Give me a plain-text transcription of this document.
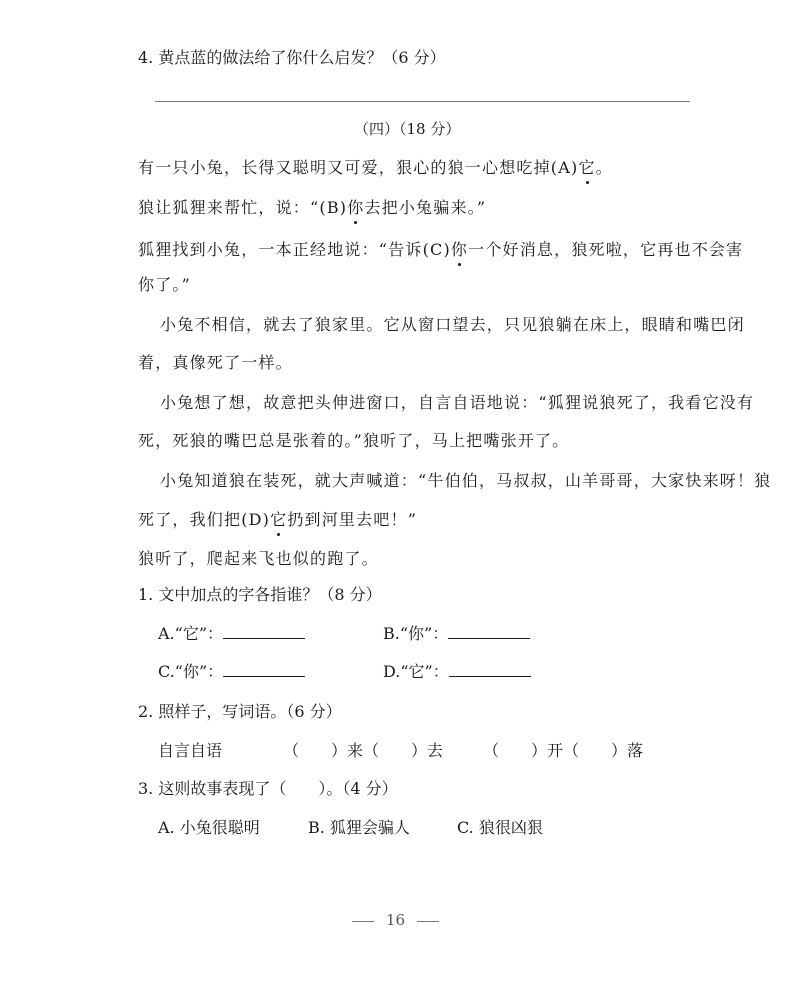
4. 黄点蓝的做法给了你什么启发？（6 分）
（四）（18 分）
有一只小兔，长得又聪明又可爱，狠心的狼一心想吃掉(A)它。
狼让狐狸来帮忙，说：“(B)你去把小兔骗来。”
狐狸找到小兔，一本正经地说：“告诉(C)你一个好消息，狼死啦，它再也不会害
你了。”
小兔不相信，就去了狼家里。它从窗口望去，只见狼躺在床上，眼睛和嘴巴闭
着，真像死了一样。
小兔想了想，故意把头伸进窗口，自言自语地说：“狐狸说狼死了，我看它没有
死，死狼的嘴巴总是张着的。”狼听了，马上把嘴张开了。
小兔知道狼在装死，就大声喊道：“牛伯伯，马叔叔，山羊哥哥，大家快来呀！狼
死了，我们把(D)它扔到河里去吧！”
狼听了，爬起来飞也似的跑了。
1. 文中加点的字各指谁？（8 分）
A.“它”：	B.“你”：
C.“你”：	D.“它”：
2. 照样子，写词语。（6 分）
自言自语	（　　）来（　　）去 （　　）开（　　）落
3. 这则故事表现了（　　）。（4 分）
A. 小兔很聪明	B. 狐狸会骗人	C. 狼很凶狠
16
